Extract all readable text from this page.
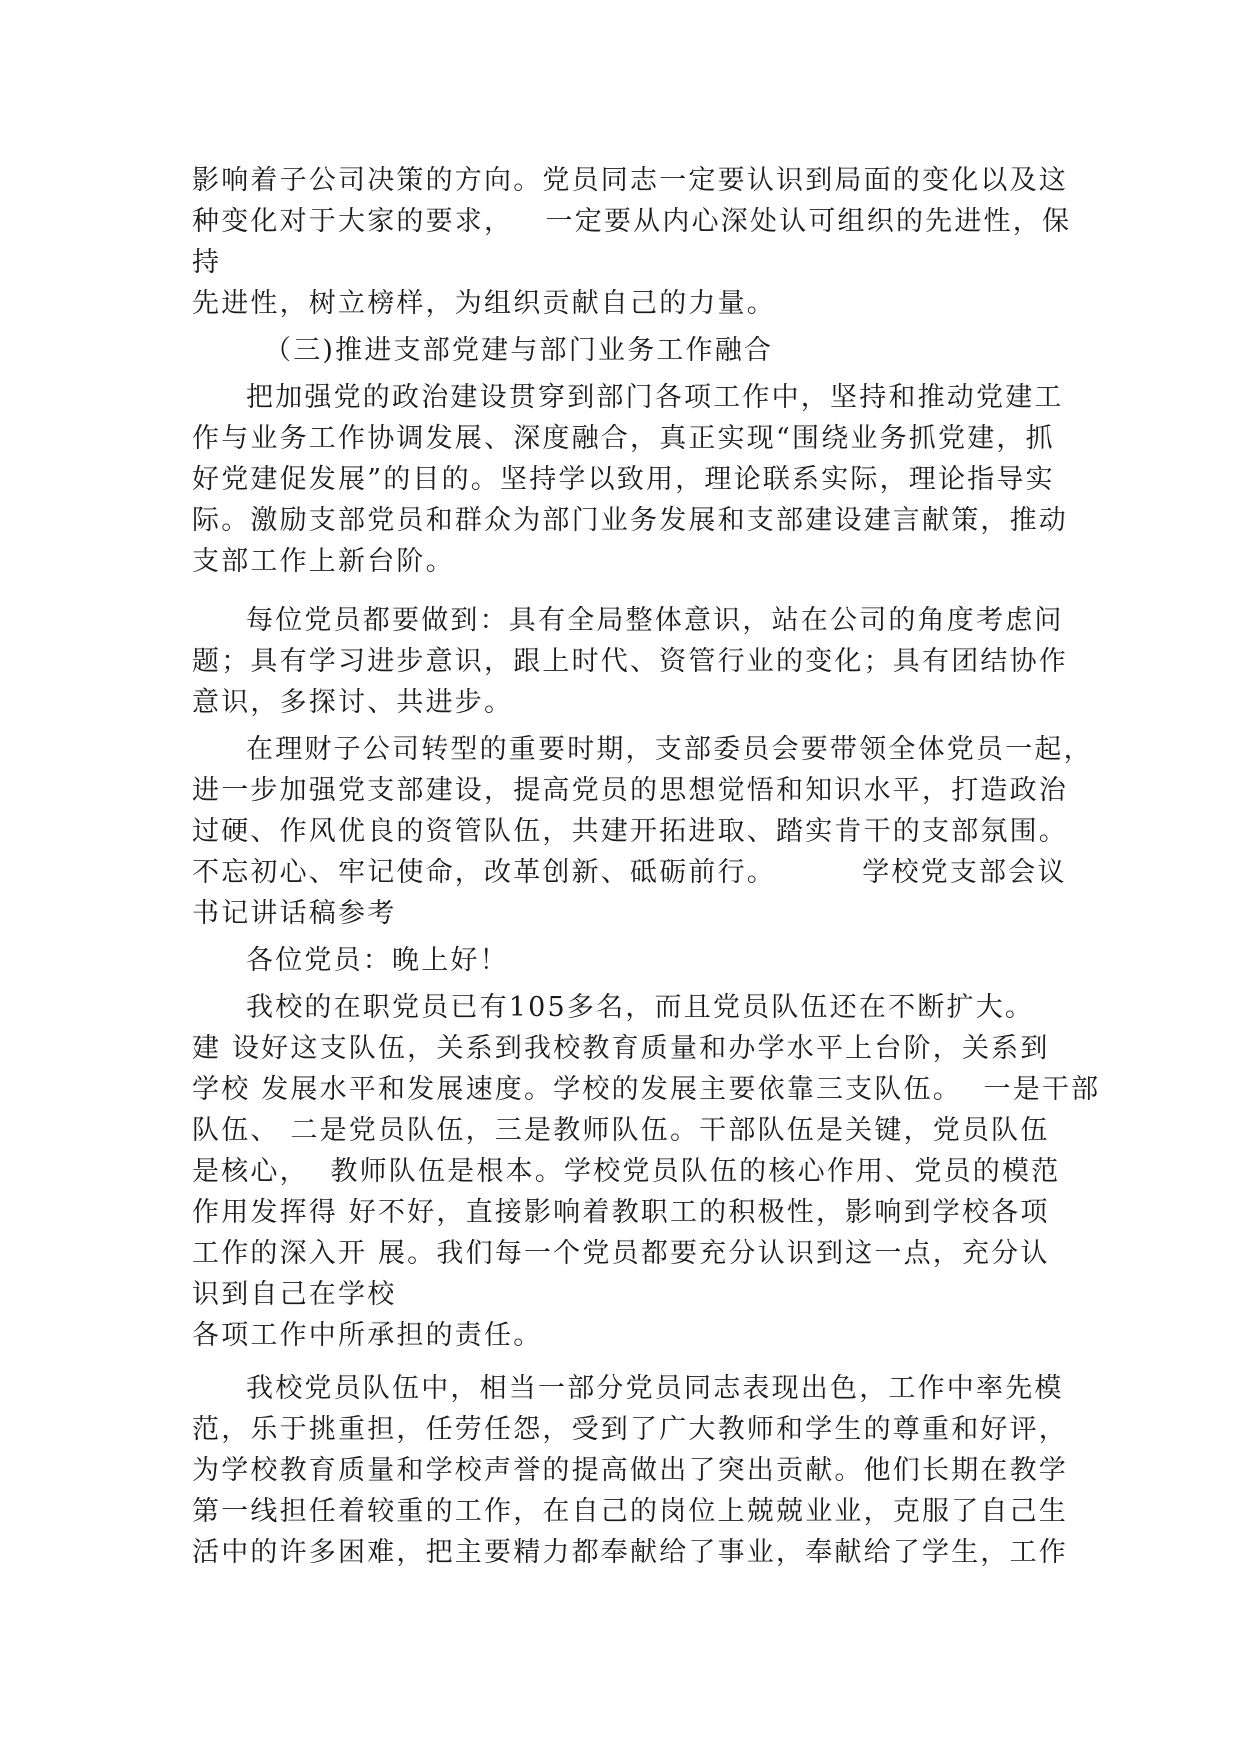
影响着子公司决策的方向。党员同志一定要认识到局面的变化以及这
种变化对于大家的要求，   一定要从内心深处认可组织的先进性，保
持
先进性，树立榜样，为组织贡献自己的力量。
（三)推进支部党建与部门业务工作融合
把加强党的政治建设贯穿到部门各项工作中，坚持和推动党建工
作与业务工作协调发展、深度融合，真正实现“围绕业务抓党建，抓
好党建促发展”的目的。坚持学以致用，理论联系实际，理论指导实
际。激励支部党员和群众为部门业务发展和支部建设建言献策，推动
支部工作上新台阶。
每位党员都要做到：具有全局整体意识，站在公司的角度考虑问
题；具有学习进步意识，跟上时代、资管行业的变化；具有团结协作
意识，多探讨、共进步。
在理财子公司转型的重要时期，支部委员会要带领全体党员一起，
进一步加强党支部建设，提高党员的思想觉悟和知识水平，打造政治
过硬、作风优良的资管队伍，共建开拓进取、踏实肯干的支部氛围。
不忘初心、牢记使命，改革创新、砥砺前行。        学校党支部会议
书记讲话稿参考
各位党员：晚上好！
我校的在职党员已有105多名，而且党员队伍还在不断扩大。
建 设好这支队伍，关系到我校教育质量和办学水平上台阶，关系到
学校 发展水平和发展速度。学校的发展主要依靠三支队伍。  一是干部
队伍、 二是党员队伍，三是教师队伍。干部队伍是关键，党员队伍
是核心，  教师队伍是根本。学校党员队伍的核心作用、党员的模范
作用发挥得 好不好，直接影响着教职工的积极性，影响到学校各项
工作的深入开 展。我们每一个党员都要充分认识到这一点，充分认
识到自己在学校
各项工作中所承担的责任。
我校党员队伍中，相当一部分党员同志表现出色，工作中率先模
范，乐于挑重担，任劳任怨，受到了广大教师和学生的尊重和好评，
为学校教育质量和学校声誉的提高做出了突出贡献。他们长期在教学
第一线担任着较重的工作，在自己的岗位上兢兢业业，克服了自己生
活中的许多困难，把主要精力都奉献给了事业，奉献给了学生，工作
